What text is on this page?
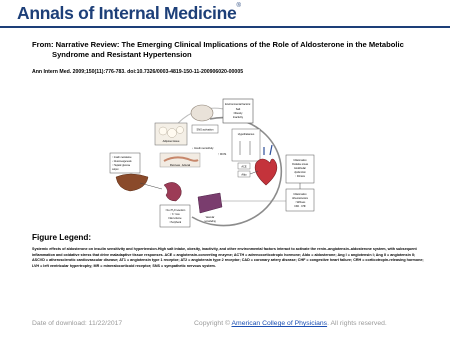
Annals of Internal Medicine®
From: Narrative Review: The Emerging Clinical Implications of the Role of Aldosterone in the Metabolic
Syndrome and Resistant Hypertension
Ann Intern Med. 2009;150(11):776-783. doi:10.7326/0003-4819-150-11-200906020-00005
Environmental factors:
Salt
Obesity
Inactivity
SNS activation
Adipose tissue
Hypothalamus
↓ Insulin sensitivity
Pancreas · Adrenal
↑ ROS
ACE
Aldo
↑ Insulin resistance
↓ Gluconeogenesis
↑ Hepatic glucose
output
↑ Na⁺/H₂O retention
↑ K⁺ loss
Fluid volume
↑ Peripheral
Vascular
remodeling
Inflammation
Oxidative stress
Endothelial
dysfunction
↑ Fibrosis
Inflammation
Atherosclerosis
↑ Stiffness
CKD · CHF
Figure Legend:
Systemic effects of aldosterone on insulin sensitivity and hypertension.High salt intake, obesity, inactivity, and other environmental factors interact to activate the renin–angiotensin–aldosterone system, with subsequent inflammation and oxidative stress that drive maladaptive tissue responses. ACE = angiotensin-converting enzyme; ACTH = adrenocorticotropic hormone; Aldo = aldosterone; Ang I = angiotensin I; Ang II = angiotensin II; ASCVD = atherosclerotic cardiovascular disease; AT1 = angiotensin type 1 receptor; AT2 = angiotensin type 2 receptor; CAD = coronary artery disease; CHF = congestive heart failure; CRH = corticotropin-releasing hormone; LVH = left ventricular hypertrophy; MR = mineralocorticoid receptor; SNS = sympathetic nervous system.
Date of download: 11/22/2017	Copyright © American College of Physicians. All rights reserved.
